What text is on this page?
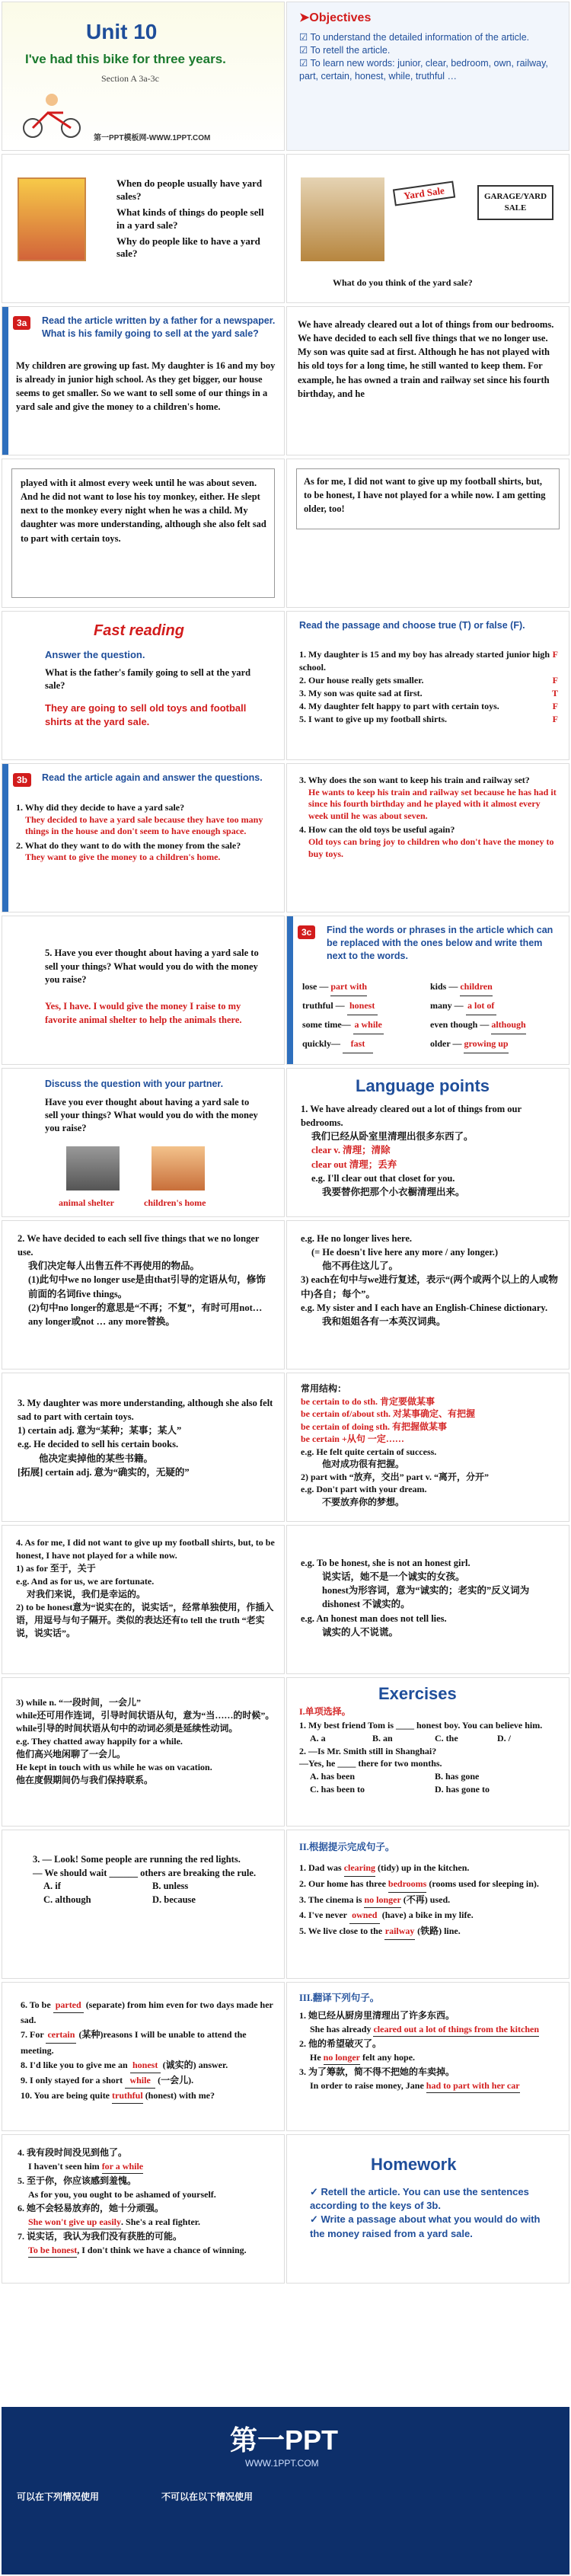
Unit 10
I've had this bike for three years.
Section A 3a-3c
第一PPT模板网-WWW.1PPT.COM
➤Objectives
☑ To understand the detailed information of the article.
☑ To retell the article.
☑ To learn new words: junior, clear, bedroom, own, railway, part, certain, honest, while, truthful …
When do people usually have yard sales?
What kinds of things do people sell in a yard sale?
Why do people like to have a yard sale?
Yard Sale	GARAGE/YARD SALE
What do you think of the yard sale?
3a	Read the article written by a father for a newspaper. What is his family going to sell at the yard sale?
My children are growing up fast. My daughter is 16 and my boy is already in junior high school. As they get bigger, our house seems to get smaller. So we want to sell some of our things in a yard sale and give the money to a children's home.
We have already cleared out a lot of things from our bedrooms. We have decided to each sell five things that we no longer use. My son was quite sad at first. Although he has not played with his old toys for a long time, he still wanted to keep them. For example, he has owned a train and railway set since his fourth birthday, and he
played with it almost every week until he was about seven. And he did not want to lose his toy monkey, either. He slept next to the monkey every night when he was a child. My daughter was more understanding, although she also felt sad to part with certain toys.
As for me, I did not want to give up my football shirts, but, to be honest, I have not played for a while now. I am getting older, too!
Fast reading
Answer the question.
What is the father's family going to sell at the yard sale?
They are going to sell old toys and football shirts at the yard sale.
Read the passage and choose true (T) or false (F).
1. My daughter is 15 and my boy has already started junior high school.
F
2. Our house really gets smaller.	F
3. My son was quite sad at first.	T
4. My daughter felt happy to part with certain toys.	F
5. I want to give up my football shirts.	F
3b	Read the article again and answer the questions.
1. Why did they decide to have a yard sale?
They decided to have a yard sale because they have too many things in the house and don't seem to have enough space.
2. What do they want to do with the money from the sale?
They want to give the money to a children's home.
3. Why does the son want to keep his train and railway set?
He wants to keep his train and railway set because he has had it since his fourth birthday and he played with it almost every week until he was about seven.
4. How can the old toys be useful again?
Old toys can bring joy to children who don't have the money to buy toys.
5. Have you ever thought about having a yard sale to sell your things? What would you do with the money you raise?
Yes, I have. I would give the money I raise to my favorite animal shelter to help the animals there.
3c	Find the words or phrases in the article which can be replaced with the ones below and write them next to the words.
lose — part with	kids — children
truthful — honest	many — a lot of
some time— a while	even though — although
quickly— fast	older — growing up
Discuss the question with your partner.
Have you ever thought about having a yard sale to sell your things? What would you do with the money you raise?
animal shelter	children's home
Language points
1. We have already cleared out a lot of things from our bedrooms.
我们已经从卧室里清理出很多东西了。
clear v. 清理；清除
clear out 清理；丢弃
e.g. I'll clear out that closet for you.
我要替你把那个小衣橱清理出来。
2. We have decided to each sell five things that we no longer use.
我们决定每人出售五件不再使用的物品。
(1)此句中we no longer use是由that引导的定语从句，修饰前面的名词five things。
(2)句中no longer的意思是“不再；不复”，有时可用not… any longer或not … any more替换。
e.g. He no longer lives here.
(= He doesn't live here any more / any longer.)
他不再住这儿了。
3) each在句中与we进行复述，表示“(两个或两个以上的人或物中)各自；每个”。
e.g. My sister and I each have an English-Chinese dictionary.
我和姐姐各有一本英汉词典。
3. My daughter was more understanding, although she also felt sad to part with certain toys.
1) certain adj. 意为“某种；某事；某人”
e.g. He decided to sell his certain books.
他决定卖掉他的某些书籍。
[拓展] certain adj. 意为“确实的，无疑的”
常用结构：
be certain to do sth. 肯定要做某事
be certain of/about sth. 对某事确定、有把握
be certain of doing sth. 有把握做某事
be certain +从句 一定……
e.g. He felt quite certain of success.
他对成功很有把握。
2) part with “放弃，交出” part v. “离开，分开”
e.g. Don't part with your dream.
不要放弃你的梦想。
4. As for me, I did not want to give up my football shirts, but, to be honest, I have not played for a while now.
1) as for 至于，关于
e.g. And as for us, we are fortunate.
对我们来说，我们是幸运的。
2) to be honest意为“说实在的，说实话”，经常单独使用，作插入语，用逗号与句子隔开。类似的表达还有to tell the truth “老实说，说实话”。
e.g. To be honest, she is not an honest girl.
说实话，她不是一个诚实的女孩。
honest为形容词，意为“诚实的；老实的”反义词为dishonest 不诚实的。
e.g. An honest man does not tell lies.
诚实的人不说谎。
3) while n. “一段时间，一会儿”
while还可用作连词，引导时间状语从句，意为“当……的时候”。while引导的时间状语从句中的动词必须是延续性动词。
e.g. They chatted away happily for a while.
他们高兴地闲聊了一会儿。
He kept in touch with us while he was on vacation.
他在度假期间仍与我们保持联系。
Exercises
I.单项选择。
1. My best friend Tom is ____ honest boy. You can believe him.
A. a	B. an	C. the	D. /
2. —Is Mr. Smith still in Shanghai?
—Yes, he ____ there for two months.
A. has been	B. has gone
C. has been to	D. has gone to
3. — Look! Some people are running the red lights.
— We should wait ______ others are breaking the rule.
A. if	B. unless
C. although	D. because
II.根据提示完成句子。
1. Dad was clearing (tidy) up in the kitchen.
2. Our home has three bedrooms (rooms used for sleeping in).
3. The cinema is no longer (不再) used.
4. I've never owned (have) a bike in my life.
5. We live close to the railway (铁路) line.
6. To be parted (separate) from him even for two days made her sad.
7. For certain (某种)reasons I will be unable to attend the meeting.
8. I'd like you to give me an honest (诚实的) answer.
9. I only stayed for a short while (一会儿).
10. You are being quite truthful (honest) with me?
III.翻译下列句子。
1. 她已经从厨房里清理出了许多东西。
She has already cleared out a lot of things from the kitchen
2. 他的希望破灭了。
He no longer felt any hope.
3. 为了筹款，简不得不把她的车卖掉。
In order to raise money, Jane had to part with her car
4. 我有段时间没见到他了。
I haven't seen him for a while
5. 至于你，你应该感到羞愧。
As for you, you ought to be ashamed of yourself.
6. 她不会轻易放弃的，她十分顽强。
She won't give up easily. She's a real fighter.
7. 说实话，我认为我们没有获胜的可能。
To be honest, I don't think we have a chance of winning.
Homework
✓ Retell the article. You can use the sentences according to the keys of 3b.
✓ Write a passage about what you would do with the money raised from a yard sale.
第一PPT
WWW.1PPT.COM
可以在下列情况使用	不可以在以下情况使用
